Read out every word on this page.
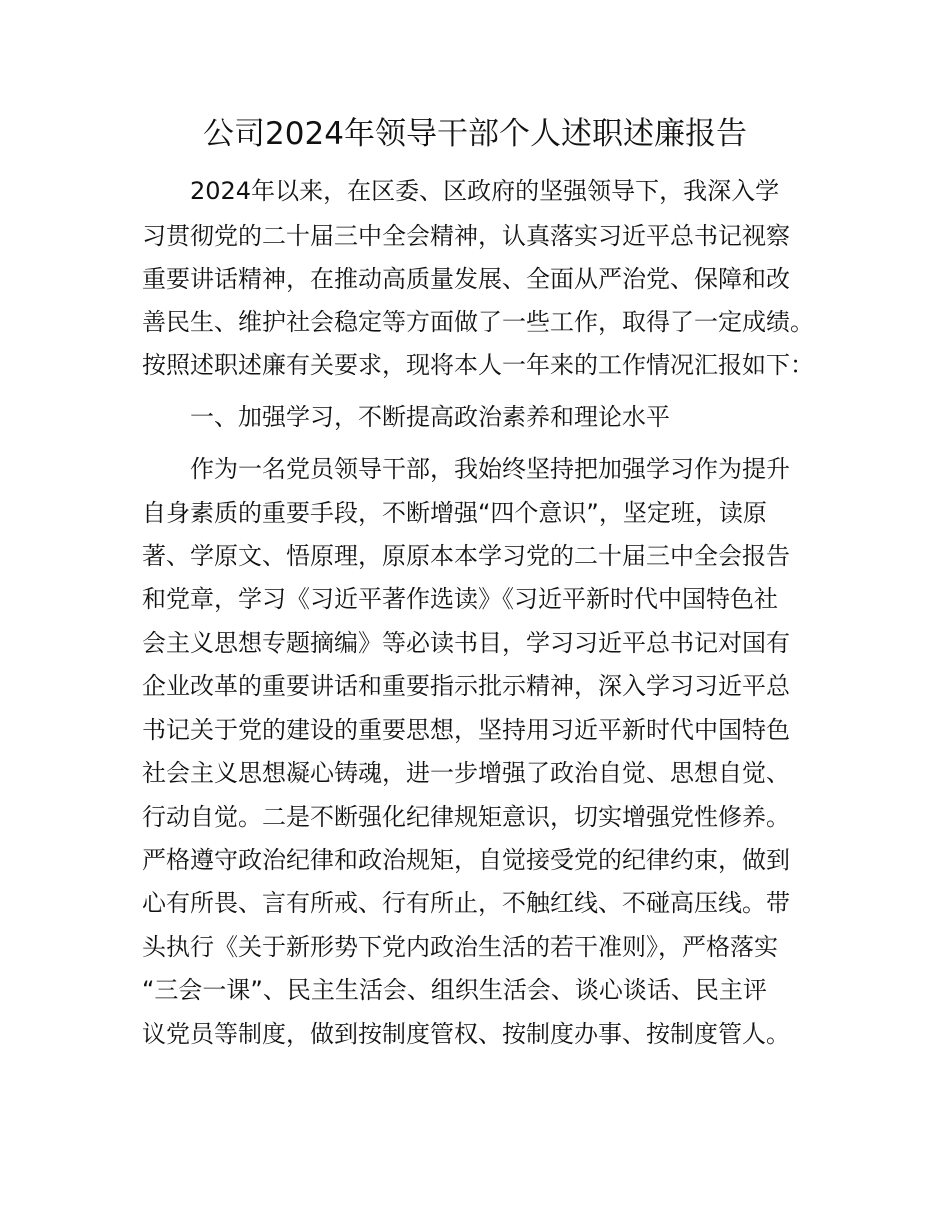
公司2024年领导干部个人述职述廉报告
2024年以来，在区委、区政府的坚强领导下，我深入学
习贯彻党的二十届三中全会精神，认真落实习近平总书记视察
重要讲话精神，在推动高质量发展、全面从严治党、保障和改
善民生、维护社会稳定等方面做了一些工作，取得了一定成绩。
按照述职述廉有关要求，现将本人一年来的工作情况汇报如下：
一、加强学习，不断提高政治素养和理论水平
作为一名党员领导干部，我始终坚持把加强学习作为提升
自身素质的重要手段，不断增强“四个意识”，坚定班，读原
著、学原文、悟原理，原原本本学习党的二十届三中全会报告
和党章，学习《习近平著作选读》《习近平新时代中国特色社
会主义思想专题摘编》等必读书目，学习习近平总书记对国有
企业改革的重要讲话和重要指示批示精神，深入学习习近平总
书记关于党的建设的重要思想，坚持用习近平新时代中国特色
社会主义思想凝心铸魂，进一步增强了政治自觉、思想自觉、
行动自觉。二是不断强化纪律规矩意识，切实增强党性修养。
严格遵守政治纪律和政治规矩，自觉接受党的纪律约束，做到
心有所畏、言有所戒、行有所止，不触红线、不碰高压线。带
头执行《关于新形势下党内政治生活的若干准则》，严格落实
“三会一课”、民主生活会、组织生活会、谈心谈话、民主评
议党员等制度，做到按制度管权、按制度办事、按制度管人。
